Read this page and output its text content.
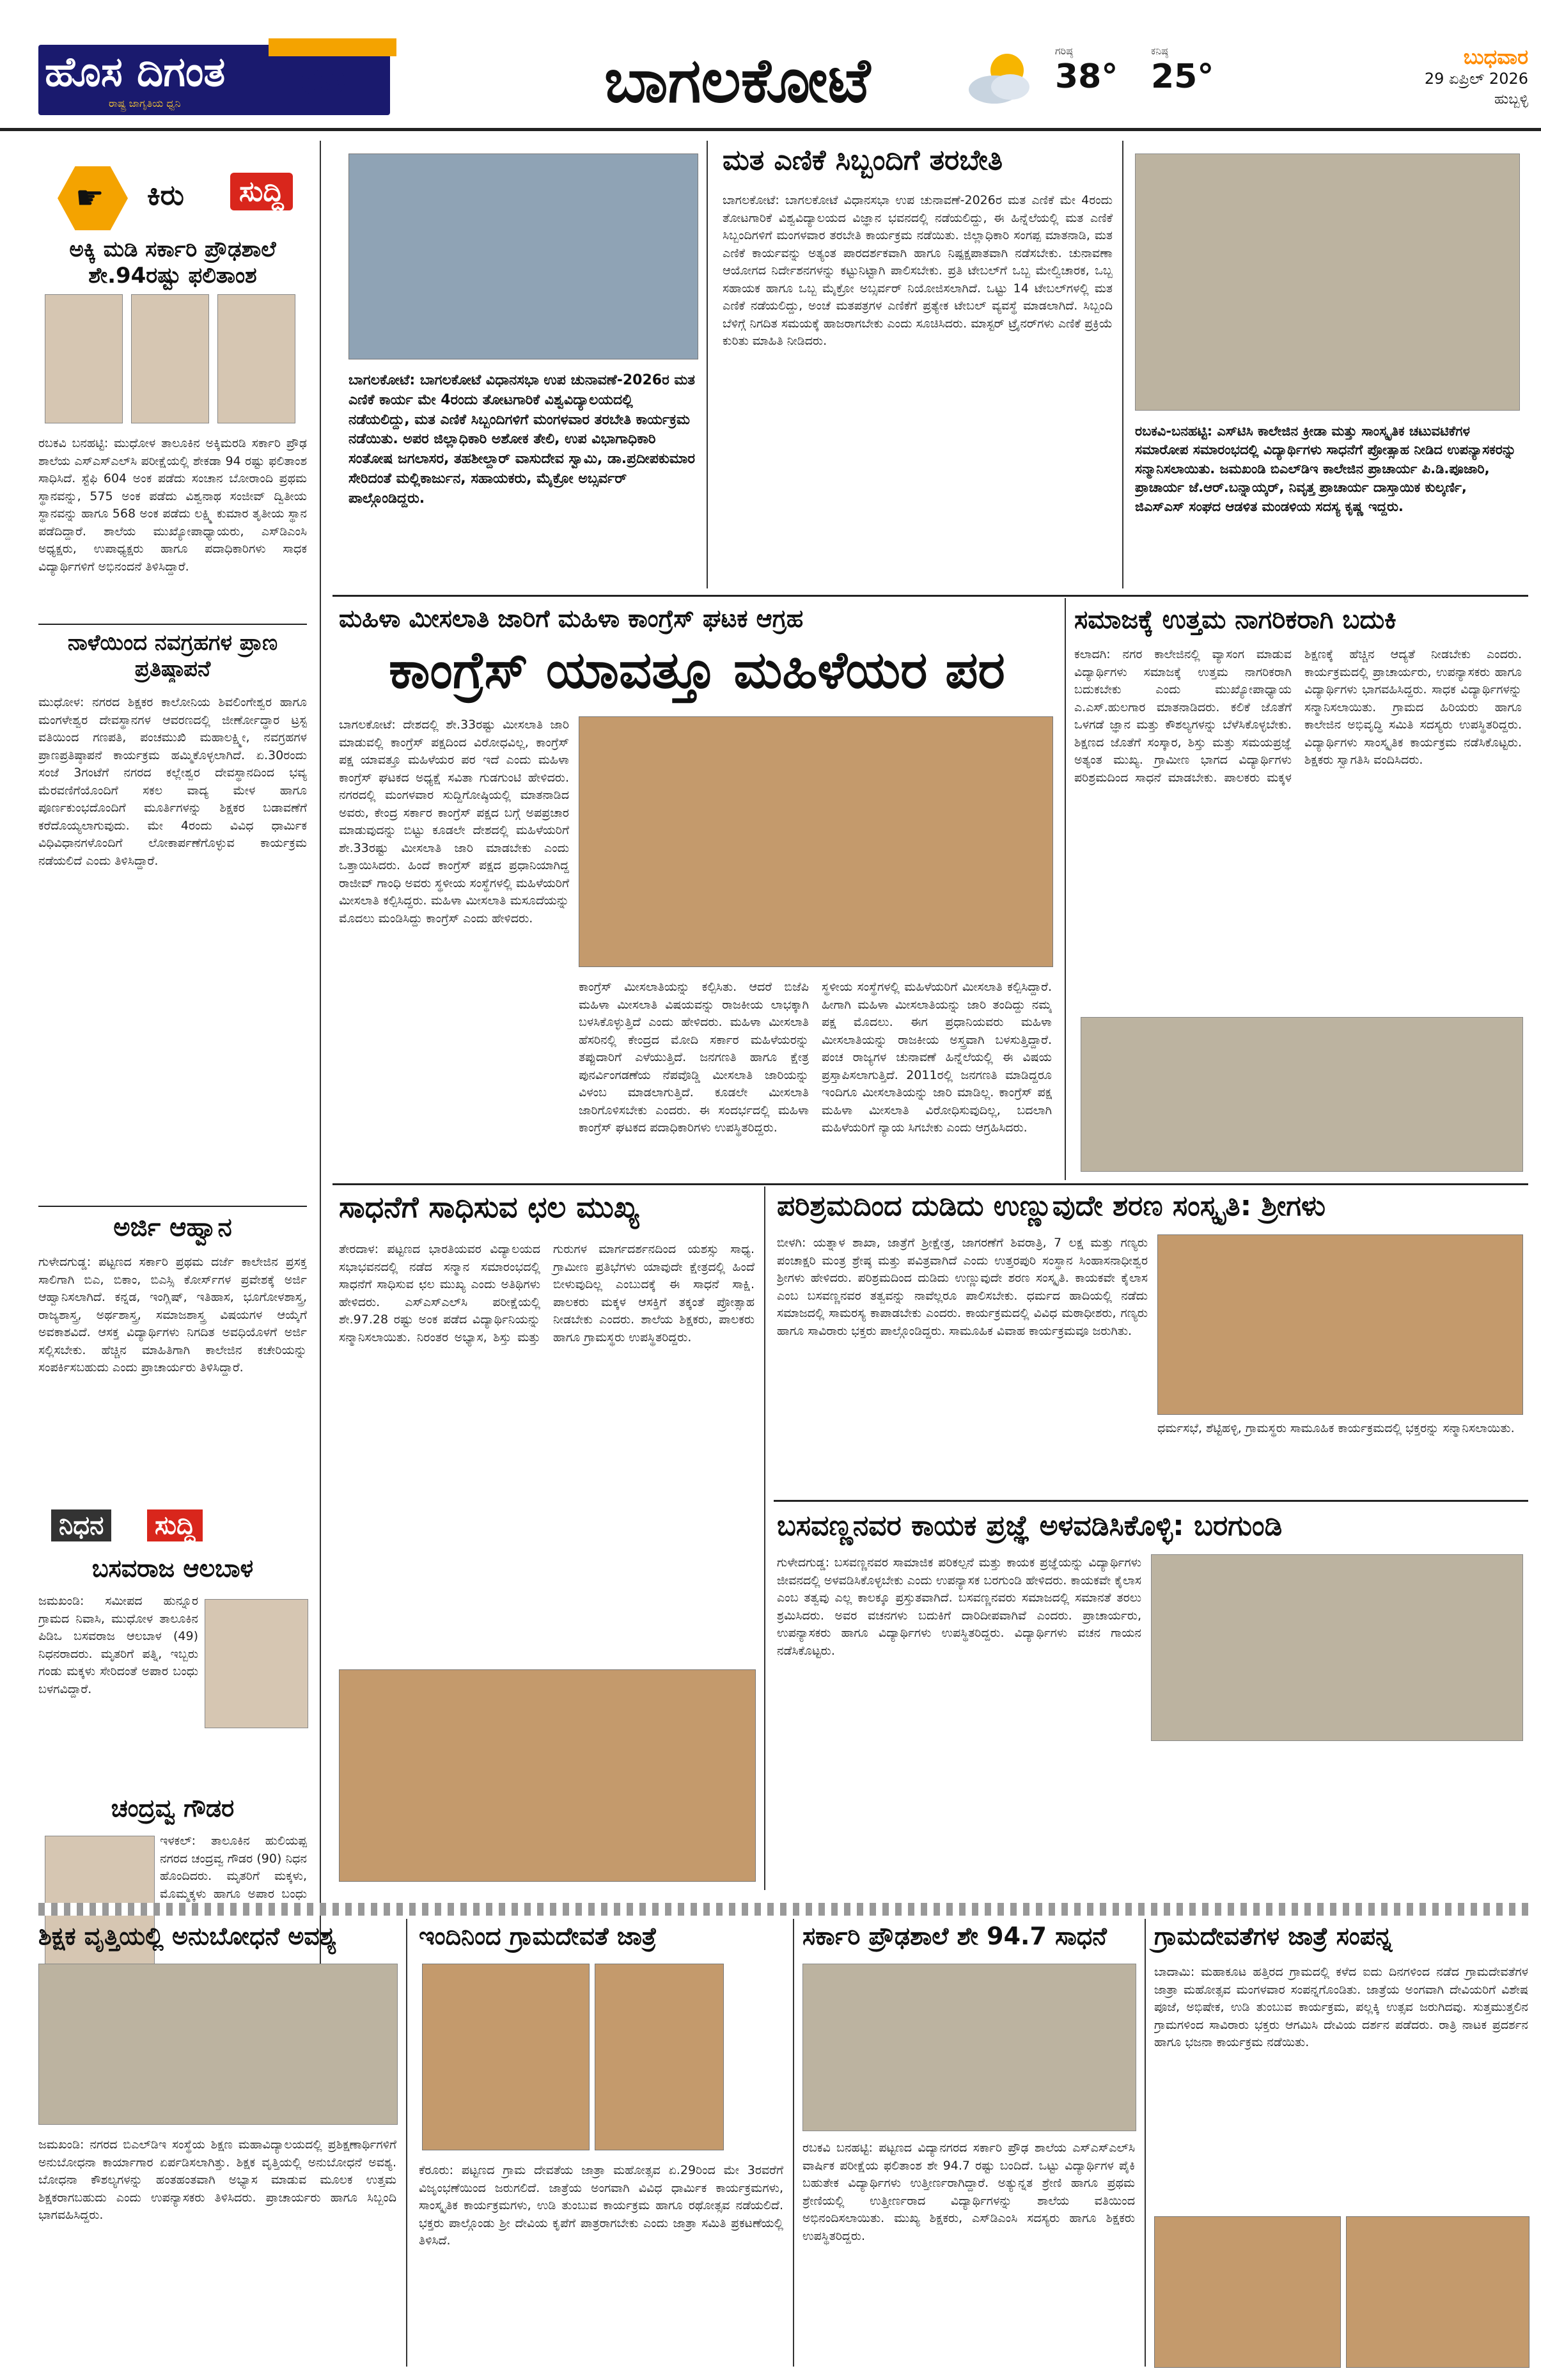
ಹೊಸ ದಿಗಂತ
ರಾಷ್ಟ್ರ ಜಾಗೃತಿಯ ಧ್ವನಿ
09	ಬಾಗಲಕೋಟೆ	ಗರಿಷ್ಠ
38°
ಕನಿಷ್ಠ
25°
ಬುಧವಾರ
29 ಏಪ್ರಿಲ್ 2026
ಹುಬ್ಬಳ್ಳಿ
☛ ಕಿರು	ಸುದ್ದಿ
ಅಕ್ಕಿ ಮಡಿ ಸರ್ಕಾರಿ ಪ್ರೌಢಶಾಲೆ ಶೇ.94ರಷ್ಟು ಫಲಿತಾಂಶ
ರಬಕವಿ ಬನಹಟ್ಟಿ: ಮುಧೋಳ ತಾಲೂಕಿನ ಅಕ್ಕಿಮರಡಿ ಸರ್ಕಾರಿ ಪ್ರೌಢ ಶಾಲೆಯ ಎಸ್‌ಎಸ್‌ಎಲ್‌ಸಿ ಪರೀಕ್ಷೆಯಲ್ಲಿ ಶೇಕಡಾ 94 ರಷ್ಟು ಫಲಿತಾಂಶ ಸಾಧಿಸಿದೆ. ಸ್ಟೆಫಿ 604 ಅಂಕ ಪಡೆದು ಸಂಚಾನ ಬೋರಾಂದಿ ಪ್ರಥಮ ಸ್ಥಾನವನ್ನು, 575 ಅಂಕ ಪಡೆದು ವಿಶ್ವನಾಥ ಸಂಜೀವ್ ದ್ವಿತೀಯ ಸ್ಥಾನವನ್ನು ಹಾಗೂ 568 ಅಂಕ ಪಡೆದು ಲಕ್ಷ್ಮಿ ಕುಮಾರ ತೃತೀಯ ಸ್ಥಾನ ಪಡೆದಿದ್ದಾರೆ. ಶಾಲೆಯ ಮುಖ್ಯೋಪಾಧ್ಯಾಯರು, ಎಸ್‌ಡಿಎಂಸಿ ಅಧ್ಯಕ್ಷರು, ಉಪಾಧ್ಯಕ್ಷರು ಹಾಗೂ ಪದಾಧಿಕಾರಿಗಳು ಸಾಧಕ ವಿದ್ಯಾರ್ಥಿಗಳಿಗೆ ಅಭಿನಂದನೆ ತಿಳಿಸಿದ್ದಾರೆ.
ನಾಳೆಯಿಂದ ನವಗ್ರಹಗಳ ಪ್ರಾಣ ಪ್ರತಿಷ್ಠಾಪನೆ
ಮುಧೋಳ: ನಗರದ ಶಿಕ್ಷಕರ ಕಾಲೋನಿಯ ಶಿವಲಿಂಗೇಶ್ವರ ಹಾಗೂ ಮಂಗಳೇಶ್ವರ ದೇವಸ್ಥಾನಗಳ ಆವರಣದಲ್ಲಿ ಜೀರ್ಣೋದ್ಧಾರ ಟ್ರಸ್ಟ ವತಿಯಿಂದ ಗಣಪತಿ, ಪಂಚಮುಖಿ ಮಹಾಲಕ್ಷ್ಮೀ, ನವಗ್ರಹಗಳ ಪ್ರಾಣಪ್ರತಿಷ್ಠಾಪನೆ ಕಾರ್ಯಕ್ರಮ ಹಮ್ಮಿಕೊಳ್ಳಲಾಗಿದೆ. ಏ.30ರಂದು ಸಂಜೆ 3ಗಂಟೆಗೆ ನಗರದ ಕಲ್ಲೇಶ್ವರ ದೇವಸ್ಥಾನದಿಂದ ಭವ್ಯ ಮೆರವಣಿಗೆಯೊಂದಿಗೆ ಸಕಲ ವಾದ್ಯ ಮೇಳ ಹಾಗೂ ಪೂರ್ಣಕುಂಭದೊಂದಿಗೆ ಮೂರ್ತಿಗಳನ್ನು ಶಿಕ್ಷಕರ ಬಡಾವಣೆಗೆ ಕರೆದೊಯ್ಯಲಾಗುವುದು. ಮೇ 4ರಂದು ವಿವಿಧ ಧಾರ್ಮಿಕ ವಿಧಿವಿಧಾನಗಳೊಂದಿಗೆ ಲೋಕಾರ್ಪಣೆಗೊಳ್ಳುವ ಕಾರ್ಯಕ್ರಮ ನಡೆಯಲಿದೆ ಎಂದು ತಿಳಿಸಿದ್ದಾರೆ.
ಅರ್ಜಿ ಆಹ್ವಾನ
ಗುಳೇದಗುಡ್ಡ: ಪಟ್ಟಣದ ಸರ್ಕಾರಿ ಪ್ರಥಮ ದರ್ಜೆ ಕಾಲೇಜಿನ ಪ್ರಸಕ್ತ ಸಾಲಿಗಾಗಿ ಬಿಎ, ಬಿಕಾಂ, ಬಿಎಸ್ಸಿ ಕೋರ್ಸ್‌ಗಳ ಪ್ರವೇಶಕ್ಕೆ ಅರ್ಜಿ ಆಹ್ವಾನಿಸಲಾಗಿದೆ. ಕನ್ನಡ, ಇಂಗ್ಲಿಷ್, ಇತಿಹಾಸ, ಭೂಗೋಳಶಾಸ್ತ್ರ, ರಾಜ್ಯಶಾಸ್ತ್ರ, ಅರ್ಥಶಾಸ್ತ್ರ, ಸಮಾಜಶಾಸ್ತ್ರ ವಿಷಯಗಳ ಆಯ್ಕೆಗೆ ಅವಕಾಶವಿದೆ. ಆಸಕ್ತ ವಿದ್ಯಾರ್ಥಿಗಳು ನಿಗದಿತ ಅವಧಿಯೊಳಗೆ ಅರ್ಜಿ ಸಲ್ಲಿಸಬೇಕು. ಹೆಚ್ಚಿನ ಮಾಹಿತಿಗಾಗಿ ಕಾಲೇಜಿನ ಕಚೇರಿಯನ್ನು ಸಂಪರ್ಕಿಸಬಹುದು ಎಂದು ಪ್ರಾಚಾರ್ಯರು ತಿಳಿಸಿದ್ದಾರೆ.
ನಿಧನ	ಸುದ್ದಿ
ಬಸವರಾಜ ಆಲಬಾಳ
ಜಮಖಂಡಿ: ಸಮೀಪದ ಹುನ್ನೂರ ಗ್ರಾಮದ ನಿವಾಸಿ, ಮುಧೋಳ ತಾಲೂಕಿನ ಪಿಡಿಒ ಬಸವರಾಜ ಆಲಬಾಳ (49) ನಿಧನರಾದರು. ಮೃತರಿಗೆ ಪತ್ನಿ, ಇಬ್ಬರು ಗಂಡು ಮಕ್ಕಳು ಸೇರಿದಂತೆ ಅಪಾರ ಬಂಧು ಬಳಗವಿದ್ದಾರೆ.
ಚಂದ್ರವ್ವ ಗೌಡರ
ಇಳಕಲ್: ತಾಲೂಕಿನ ಹುಲಿಯಪ್ಪ ನಗರದ ಚಂದ್ರವ್ವ ಗೌಡರ (90) ನಿಧನ ಹೊಂದಿದರು. ಮೃತರಿಗೆ ಮಕ್ಕಳು, ಮೊಮ್ಮಕ್ಕಳು ಹಾಗೂ ಅಪಾರ ಬಂಧು
ಬಾಗಲಕೋಟೆ: ಬಾಗಲಕೋಟೆ ವಿಧಾನಸಭಾ ಉಪ ಚುನಾವಣೆ-2026ರ ಮತ ಎಣಿಕೆ ಕಾರ್ಯ ಮೇ 4ರಂದು ತೋಟಗಾರಿಕೆ ವಿಶ್ವವಿದ್ಯಾಲಯದಲ್ಲಿ ನಡೆಯಲಿದ್ದು, ಮತ ಎಣಿಕೆ ಸಿಬ್ಬಂದಿಗಳಿಗೆ ಮಂಗಳವಾರ ತರಬೇತಿ ಕಾರ್ಯಕ್ರಮ ನಡೆಯಿತು. ಅಪರ ಜಿಲ್ಲಾಧಿಕಾರಿ ಅಶೋಕ ತೇಲಿ, ಉಪ ವಿಭಾಗಾಧಿಕಾರಿ ಸಂತೋಷ ಜಗಲಾಸರ, ತಹಶೀಲ್ದಾರ್ ವಾಸುದೇವ ಸ್ವಾಮಿ, ಡಾ.ಪ್ರದೀಪಕುಮಾರ ಸೇರಿದಂತೆ ಮಲ್ಲಿಕಾರ್ಜುನ, ಸಹಾಯಕರು, ಮೈಕ್ರೋ ಅಬ್ಸರ್ವರ್ ಪಾಲ್ಗೊಂಡಿದ್ದರು.
ಮತ ಎಣಿಕೆ ಸಿಬ್ಬಂದಿಗೆ ತರಬೇತಿ
ಬಾಗಲಕೋಟೆ: ಬಾಗಲಕೋಟೆ ವಿಧಾನಸಭಾ ಉಪ ಚುನಾವಣೆ-2026ರ ಮತ ಎಣಿಕೆ ಮೇ 4ರಂದು ತೋಟಗಾರಿಕೆ ವಿಶ್ವವಿದ್ಯಾಲಯದ ವಿಜ್ಞಾನ ಭವನದಲ್ಲಿ ನಡೆಯಲಿದ್ದು, ಈ ಹಿನ್ನೆಲೆಯಲ್ಲಿ ಮತ ಎಣಿಕೆ ಸಿಬ್ಬಂದಿಗಳಿಗೆ ಮಂಗಳವಾರ ತರಬೇತಿ ಕಾರ್ಯಕ್ರಮ ನಡೆಯಿತು. ಜಿಲ್ಲಾಧಿಕಾರಿ ಸಂಗಪ್ಪ ಮಾತನಾಡಿ, ಮತ ಎಣಿಕೆ ಕಾರ್ಯವನ್ನು ಅತ್ಯಂತ ಪಾರದರ್ಶಕವಾಗಿ ಹಾಗೂ ನಿಷ್ಪಕ್ಷಪಾತವಾಗಿ ನಡೆಸಬೇಕು. ಚುನಾವಣಾ ಆಯೋಗದ ನಿರ್ದೇಶನಗಳನ್ನು ಕಟ್ಟುನಿಟ್ಟಾಗಿ ಪಾಲಿಸಬೇಕು. ಪ್ರತಿ ಟೇಬಲ್‌ಗೆ ಒಬ್ಬ ಮೇಲ್ವಿಚಾರಕ, ಒಬ್ಬ ಸಹಾಯಕ ಹಾಗೂ ಒಬ್ಬ ಮೈಕ್ರೋ ಅಬ್ಸರ್ವರ್ ನಿಯೋಜಿಸಲಾಗಿದೆ. ಒಟ್ಟು 14 ಟೇಬಲ್‌ಗಳಲ್ಲಿ ಮತ ಎಣಿಕೆ ನಡೆಯಲಿದ್ದು, ಅಂಚೆ ಮತಪತ್ರಗಳ ಎಣಿಕೆಗೆ ಪ್ರತ್ಯೇಕ ಟೇಬಲ್ ವ್ಯವಸ್ಥೆ ಮಾಡಲಾಗಿದೆ. ಸಿಬ್ಬಂದಿ ಬೆಳಿಗ್ಗೆ ನಿಗದಿತ ಸಮಯಕ್ಕೆ ಹಾಜರಾಗಬೇಕು ಎಂದು ಸೂಚಿಸಿದರು. ಮಾಸ್ಟರ್ ಟ್ರೈನರ್‌ಗಳು ಎಣಿಕೆ ಪ್ರಕ್ರಿಯೆ ಕುರಿತು ಮಾಹಿತಿ ನೀಡಿದರು.
ರಬಕವಿ-ಬನಹಟ್ಟಿ: ಎಸ್‌ಟಿಸಿ ಕಾಲೇಜಿನ ಕ್ರೀಡಾ ಮತ್ತು ಸಾಂಸ್ಕೃತಿಕ ಚಟುವಟಿಕೆಗಳ ಸಮಾರೋಪ ಸಮಾರಂಭದಲ್ಲಿ ವಿದ್ಯಾರ್ಥಿಗಳು ಸಾಧನೆಗೆ ಪ್ರೋತ್ಸಾಹ ನೀಡಿದ ಉಪನ್ಯಾಸಕರನ್ನು ಸನ್ಮಾನಿಸಲಾಯಿತು. ಜಮಖಂಡಿ ಬಿಎಲ್‌ಡಿಇ ಕಾಲೇಜಿನ ಪ್ರಾಚಾರ್ಯ ಪಿ.ಡಿ.ಪೂಜಾರಿ, ಪ್ರಾಚಾರ್ಯ ಜೆ.ಆರ್.ಬನ್ನಾಯ್ಕರ್, ನಿವೃತ್ತ ಪ್ರಾಚಾರ್ಯ ದಾಸ್ತಾಯಿಕ ಕುಲ್ಕರ್ಣಿ, ಜಿಎಸ್‌ಎಸ್ ಸಂಘದ ಆಡಳಿತ ಮಂಡಳಿಯ ಸದಸ್ಯ ಕೃಷ್ಣ ಇದ್ದರು.
ಮಹಿಳಾ ಮೀಸಲಾತಿ ಜಾರಿಗೆ ಮಹಿಳಾ ಕಾಂಗ್ರೆಸ್ ಘಟಕ ಆಗ್ರಹ
ಕಾಂಗ್ರೆಸ್ ಯಾವತ್ತೂ ಮಹಿಳೆಯರ ಪರ
ಬಾಗಲಕೋಟೆ: ದೇಶದಲ್ಲಿ ಶೇ.33ರಷ್ಟು ಮೀಸಲಾತಿ ಜಾರಿ ಮಾಡುವಲ್ಲಿ ಕಾಂಗ್ರೆಸ್ ಪಕ್ಷದಿಂದ ವಿರೋಧವಿಲ್ಲ, ಕಾಂಗ್ರೆಸ್ ಪಕ್ಷ ಯಾವತ್ತೂ ಮಹಿಳೆಯರ ಪರ ಇದೆ ಎಂದು ಮಹಿಳಾ ಕಾಂಗ್ರೆಸ್ ಘಟಕದ ಅಧ್ಯಕ್ಷೆ ಸವಿತಾ ಗುಡಗುಂಟಿ ಹೇಳಿದರು. ನಗರದಲ್ಲಿ ಮಂಗಳವಾರ ಸುದ್ದಿಗೋಷ್ಠಿಯಲ್ಲಿ ಮಾತನಾಡಿದ ಅವರು, ಕೇಂದ್ರ ಸರ್ಕಾರ ಕಾಂಗ್ರೆಸ್ ಪಕ್ಷದ ಬಗ್ಗೆ ಅಪಪ್ರಚಾರ ಮಾಡುವುದನ್ನು ಬಿಟ್ಟು ಕೂಡಲೇ ದೇಶದಲ್ಲಿ ಮಹಿಳೆಯರಿಗೆ ಶೇ.33ರಷ್ಟು ಮೀಸಲಾತಿ ಜಾರಿ ಮಾಡಬೇಕು ಎಂದು ಒತ್ತಾಯಿಸಿದರು. ಹಿಂದೆ ಕಾಂಗ್ರೆಸ್ ಪಕ್ಷದ ಪ್ರಧಾನಿಯಾಗಿದ್ದ ರಾಜೀವ್ ಗಾಂಧಿ ಅವರು ಸ್ಥಳೀಯ ಸಂಸ್ಥೆಗಳಲ್ಲಿ ಮಹಿಳೆಯರಿಗೆ ಮೀಸಲಾತಿ ಕಲ್ಪಿಸಿದ್ದರು. ಮಹಿಳಾ ಮೀಸಲಾತಿ ಮಸೂದೆಯನ್ನು ಮೊದಲು ಮಂಡಿಸಿದ್ದು ಕಾಂಗ್ರೆಸ್ ಎಂದು ಹೇಳಿದರು.
ಕಾಂಗ್ರೆಸ್ ಮೀಸಲಾತಿಯನ್ನು ಕಲ್ಪಿಸಿತು. ಆದರೆ ಬಿಜೆಪಿ ಮಹಿಳಾ ಮೀಸಲಾತಿ ವಿಷಯವನ್ನು ರಾಜಕೀಯ ಲಾಭಕ್ಕಾಗಿ ಬಳಸಿಕೊಳ್ಳುತ್ತಿದೆ ಎಂದು ಹೇಳಿದರು. ಮಹಿಳಾ ಮೀಸಲಾತಿ ಹೆಸರಿನಲ್ಲಿ ಕೇಂದ್ರದ ಮೋದಿ ಸರ್ಕಾರ ಮಹಿಳೆಯರನ್ನು ತಪ್ಪುದಾರಿಗೆ ಎಳೆಯುತ್ತಿದೆ. ಜನಗಣತಿ ಹಾಗೂ ಕ್ಷೇತ್ರ ಪುನರ್ವಿಂಗಡಣೆಯ ನೆಪವೊಡ್ಡಿ ಮೀಸಲಾತಿ ಜಾರಿಯನ್ನು ವಿಳಂಬ ಮಾಡಲಾಗುತ್ತಿದೆ. ಕೂಡಲೇ ಮೀಸಲಾತಿ ಜಾರಿಗೊಳಿಸಬೇಕು ಎಂದರು. ಈ ಸಂದರ್ಭದಲ್ಲಿ ಮಹಿಳಾ ಕಾಂಗ್ರೆಸ್ ಘಟಕದ ಪದಾಧಿಕಾರಿಗಳು ಉಪಸ್ಥಿತರಿದ್ದರು.
ಸ್ಥಳೀಯ ಸಂಸ್ಥೆಗಳಲ್ಲಿ ಮಹಿಳೆಯರಿಗೆ ಮೀಸಲಾತಿ ಕಲ್ಪಿಸಿದ್ದಾರೆ. ಹೀಗಾಗಿ ಮಹಿಳಾ ಮೀಸಲಾತಿಯನ್ನು ಜಾರಿ ತಂದಿದ್ದು ನಮ್ಮ ಪಕ್ಷ ಮೊದಲು. ಈಗ ಪ್ರಧಾನಿಯವರು ಮಹಿಳಾ ಮೀಸಲಾತಿಯನ್ನು ರಾಜಕೀಯ ಅಸ್ತ್ರವಾಗಿ ಬಳಸುತ್ತಿದ್ದಾರೆ. ಪಂಚ ರಾಜ್ಯಗಳ ಚುನಾವಣೆ ಹಿನ್ನೆಲೆಯಲ್ಲಿ ಈ ವಿಷಯ ಪ್ರಸ್ತಾಪಿಸಲಾಗುತ್ತಿದೆ. 2011ರಲ್ಲಿ ಜನಗಣತಿ ಮಾಡಿದ್ದರೂ ಇಂದಿಗೂ ಮೀಸಲಾತಿಯನ್ನು ಜಾರಿ ಮಾಡಿಲ್ಲ. ಕಾಂಗ್ರೆಸ್ ಪಕ್ಷ ಮಹಿಳಾ ಮೀಸಲಾತಿ ವಿರೋಧಿಸುವುದಿಲ್ಲ, ಬದಲಾಗಿ ಮಹಿಳೆಯರಿಗೆ ನ್ಯಾಯ ಸಿಗಬೇಕು ಎಂದು ಆಗ್ರಹಿಸಿದರು.
ಸಮಾಜಕ್ಕೆ ಉತ್ತಮ ನಾಗರಿಕರಾಗಿ ಬದುಕಿ
ಕಲಾದಗಿ: ನಗರ ಕಾಲೇಜಿನಲ್ಲಿ ವ್ಯಾಸಂಗ ಮಾಡುವ ವಿದ್ಯಾರ್ಥಿಗಳು ಸಮಾಜಕ್ಕೆ ಉತ್ತಮ ನಾಗರಿಕರಾಗಿ ಬದುಕಬೇಕು ಎಂದು ಮುಖ್ಯೋಪಾಧ್ಯಾಯ ಎ.ಎಸ್.ಹುಲಗಾರ ಮಾತನಾಡಿದರು. ಕಲಿಕೆ ಜೊತೆಗೆ ಒಳಗಡೆ ಜ್ಞಾನ ಮತ್ತು ಕೌಶಲ್ಯಗಳನ್ನು ಬೆಳೆಸಿಕೊಳ್ಳಬೇಕು. ಶಿಕ್ಷಣದ ಜೊತೆಗೆ ಸಂಸ್ಕಾರ, ಶಿಸ್ತು ಮತ್ತು ಸಮಯಪ್ರಜ್ಞೆ ಅತ್ಯಂತ ಮುಖ್ಯ. ಗ್ರಾಮೀಣ ಭಾಗದ ವಿದ್ಯಾರ್ಥಿಗಳು ಪರಿಶ್ರಮದಿಂದ ಸಾಧನೆ ಮಾಡಬೇಕು. ಪಾಲಕರು ಮಕ್ಕಳ ಶಿಕ್ಷಣಕ್ಕೆ ಹೆಚ್ಚಿನ ಆದ್ಯತೆ ನೀಡಬೇಕು ಎಂದರು. ಕಾರ್ಯಕ್ರಮದಲ್ಲಿ ಪ್ರಾಚಾರ್ಯರು, ಉಪನ್ಯಾಸಕರು ಹಾಗೂ ವಿದ್ಯಾರ್ಥಿಗಳು ಭಾಗವಹಿಸಿದ್ದರು. ಸಾಧಕ ವಿದ್ಯಾರ್ಥಿಗಳನ್ನು ಸನ್ಮಾನಿಸಲಾಯಿತು. ಗ್ರಾಮದ ಹಿರಿಯರು ಹಾಗೂ ಕಾಲೇಜಿನ ಅಭಿವೃದ್ಧಿ ಸಮಿತಿ ಸದಸ್ಯರು ಉಪಸ್ಥಿತರಿದ್ದರು. ವಿದ್ಯಾರ್ಥಿಗಳು ಸಾಂಸ್ಕೃತಿಕ ಕಾರ್ಯಕ್ರಮ ನಡೆಸಿಕೊಟ್ಟರು. ಶಿಕ್ಷಕರು ಸ್ವಾಗತಿಸಿ ವಂದಿಸಿದರು.
ಸಾಧನೆಗೆ ಸಾಧಿಸುವ ಛಲ ಮುಖ್ಯ
ತೇರದಾಳ: ಪಟ್ಟಣದ ಭಾರತಿಯವರ ವಿದ್ಯಾಲಯದ ಸಭಾಭವನದಲ್ಲಿ ನಡೆದ ಸನ್ಮಾನ ಸಮಾರಂಭದಲ್ಲಿ ಸಾಧನೆಗೆ ಸಾಧಿಸುವ ಛಲ ಮುಖ್ಯ ಎಂದು ಅತಿಥಿಗಳು ಹೇಳಿದರು. ಎಸ್‌ಎಸ್‌ಎಲ್‌ಸಿ ಪರೀಕ್ಷೆಯಲ್ಲಿ ಶೇ.97.28 ರಷ್ಟು ಅಂಕ ಪಡೆದ ವಿದ್ಯಾರ್ಥಿನಿಯನ್ನು ಸನ್ಮಾನಿಸಲಾಯಿತು. ನಿರಂತರ ಅಭ್ಯಾಸ, ಶಿಸ್ತು ಮತ್ತು ಗುರುಗಳ ಮಾರ್ಗದರ್ಶನದಿಂದ ಯಶಸ್ಸು ಸಾಧ್ಯ. ಗ್ರಾಮೀಣ ಪ್ರತಿಭೆಗಳು ಯಾವುದೇ ಕ್ಷೇತ್ರದಲ್ಲಿ ಹಿಂದೆ ಬೀಳುವುದಿಲ್ಲ ಎಂಬುದಕ್ಕೆ ಈ ಸಾಧನೆ ಸಾಕ್ಷಿ. ಪಾಲಕರು ಮಕ್ಕಳ ಆಸಕ್ತಿಗೆ ತಕ್ಕಂತೆ ಪ್ರೋತ್ಸಾಹ ನೀಡಬೇಕು ಎಂದರು. ಶಾಲೆಯ ಶಿಕ್ಷಕರು, ಪಾಲಕರು ಹಾಗೂ ಗ್ರಾಮಸ್ಥರು ಉಪಸ್ಥಿತರಿದ್ದರು.
ಪರಿಶ್ರಮದಿಂದ ದುಡಿದು ಉಣ್ಣುವುದೇ ಶರಣ ಸಂಸ್ಕೃತಿ: ಶ್ರೀಗಳು
ಬೀಳಗಿ: ಯತ್ನಾಳ ಶಾಖಾ, ಜಾತ್ರೆಗೆ ಶ್ರೀಕ್ಷೇತ್ರ, ಜಾಗರಣೆಗೆ ಶಿವರಾತ್ರಿ, 7 ಲಕ್ಷ ಮತ್ತು ಗಣ್ಯರು ಪಂಚಾಕ್ಷರಿ ಮಂತ್ರ ಶ್ರೇಷ್ಠ ಮತ್ತು ಪವಿತ್ರವಾಗಿದೆ ಎಂದು ಉತ್ತರಪುರಿ ಸಂಸ್ಥಾನ ಸಿಂಹಾಸನಾಧೀಶ್ವರ ಶ್ರೀಗಳು ಹೇಳಿದರು. ಪರಿಶ್ರಮದಿಂದ ದುಡಿದು ಉಣ್ಣುವುದೇ ಶರಣ ಸಂಸ್ಕೃತಿ. ಕಾಯಕವೇ ಕೈಲಾಸ ಎಂಬ ಬಸವಣ್ಣನವರ ತತ್ವವನ್ನು ನಾವೆಲ್ಲರೂ ಪಾಲಿಸಬೇಕು. ಧರ್ಮದ ಹಾದಿಯಲ್ಲಿ ನಡೆದು ಸಮಾಜದಲ್ಲಿ ಸಾಮರಸ್ಯ ಕಾಪಾಡಬೇಕು ಎಂದರು. ಕಾರ್ಯಕ್ರಮದಲ್ಲಿ ವಿವಿಧ ಮಠಾಧೀಶರು, ಗಣ್ಯರು ಹಾಗೂ ಸಾವಿರಾರು ಭಕ್ತರು ಪಾಲ್ಗೊಂಡಿದ್ದರು. ಸಾಮೂಹಿಕ ವಿವಾಹ ಕಾರ್ಯಕ್ರಮವೂ ಜರುಗಿತು.
ಧರ್ಮಸಭೆ, ಶೆಟ್ಟಿಹಳ್ಳಿ, ಗ್ರಾಮಸ್ಥರು ಸಾಮೂಹಿಕ ಕಾರ್ಯಕ್ರಮದಲ್ಲಿ ಭಕ್ತರನ್ನು ಸನ್ಮಾನಿಸಲಾಯಿತು.
ಬಸವಣ್ಣನವರ ಕಾಯಕ ಪ್ರಜ್ಞೆ ಅಳವಡಿಸಿಕೊಳ್ಳಿ: ಬರಗುಂಡಿ
ಗುಳೇದಗುಡ್ಡ: ಬಸವಣ್ಣನವರ ಸಾಮಾಜಿಕ ಪರಿಕಲ್ಪನೆ ಮತ್ತು ಕಾಯಕ ಪ್ರಜ್ಞೆಯನ್ನು ವಿದ್ಯಾರ್ಥಿಗಳು ಜೀವನದಲ್ಲಿ ಅಳವಡಿಸಿಕೊಳ್ಳಬೇಕು ಎಂದು ಉಪನ್ಯಾಸಕ ಬರಗುಂಡಿ ಹೇಳಿದರು. ಕಾಯಕವೇ ಕೈಲಾಸ ಎಂಬ ತತ್ವವು ಎಲ್ಲ ಕಾಲಕ್ಕೂ ಪ್ರಸ್ತುತವಾಗಿದೆ. ಬಸವಣ್ಣನವರು ಸಮಾಜದಲ್ಲಿ ಸಮಾನತೆ ತರಲು ಶ್ರಮಿಸಿದರು. ಅವರ ವಚನಗಳು ಬದುಕಿಗೆ ದಾರಿದೀಪವಾಗಿವೆ ಎಂದರು. ಪ್ರಾಚಾರ್ಯರು, ಉಪನ್ಯಾಸಕರು ಹಾಗೂ ವಿದ್ಯಾರ್ಥಿಗಳು ಉಪಸ್ಥಿತರಿದ್ದರು. ವಿದ್ಯಾರ್ಥಿಗಳು ವಚನ ಗಾಯನ ನಡೆಸಿಕೊಟ್ಟರು.
ಶಿಕ್ಷಕ ವೃತ್ತಿಯಲ್ಲಿ ಅನುಬೋಧನೆ ಅವಶ್ಯ
ಜಮಖಂಡಿ: ನಗರದ ಬಿಎಲ್‌ಡಿಇ ಸಂಸ್ಥೆಯ ಶಿಕ್ಷಣ ಮಹಾವಿದ್ಯಾಲಯದಲ್ಲಿ ಪ್ರಶಿಕ್ಷಣಾರ್ಥಿಗಳಿಗೆ ಅನುಬೋಧನಾ ಕಾರ್ಯಾಗಾರ ಏರ್ಪಡಿಸಲಾಗಿತ್ತು. ಶಿಕ್ಷಕ ವೃತ್ತಿಯಲ್ಲಿ ಅನುಬೋಧನೆ ಅವಶ್ಯ. ಬೋಧನಾ ಕೌಶಲ್ಯಗಳನ್ನು ಹಂತಹಂತವಾಗಿ ಅಭ್ಯಾಸ ಮಾಡುವ ಮೂಲಕ ಉತ್ತಮ ಶಿಕ್ಷಕರಾಗಬಹುದು ಎಂದು ಉಪನ್ಯಾಸಕರು ತಿಳಿಸಿದರು. ಪ್ರಾಚಾರ್ಯರು ಹಾಗೂ ಸಿಬ್ಬಂದಿ ಭಾಗವಹಿಸಿದ್ದರು.
ಇಂದಿನಿಂದ ಗ್ರಾಮದೇವತೆ ಜಾತ್ರೆ
ಕೆರೂರು: ಪಟ್ಟಣದ ಗ್ರಾಮ ದೇವತೆಯ ಜಾತ್ರಾ ಮಹೋತ್ಸವ ಏ.29ರಿಂದ ಮೇ 3ರವರೆಗೆ ವಿಜೃಂಭಣೆಯಿಂದ ಜರುಗಲಿದೆ. ಜಾತ್ರೆಯ ಅಂಗವಾಗಿ ವಿವಿಧ ಧಾರ್ಮಿಕ ಕಾರ್ಯಕ್ರಮಗಳು, ಸಾಂಸ್ಕೃತಿಕ ಕಾರ್ಯಕ್ರಮಗಳು, ಉಡಿ ತುಂಬುವ ಕಾರ್ಯಕ್ರಮ ಹಾಗೂ ರಥೋತ್ಸವ ನಡೆಯಲಿದೆ. ಭಕ್ತರು ಪಾಲ್ಗೊಂಡು ಶ್ರೀ ದೇವಿಯ ಕೃಪೆಗೆ ಪಾತ್ರರಾಗಬೇಕು ಎಂದು ಜಾತ್ರಾ ಸಮಿತಿ ಪ್ರಕಟಣೆಯಲ್ಲಿ ತಿಳಿಸಿದೆ.
ಸರ್ಕಾರಿ ಪ್ರೌಢಶಾಲೆ ಶೇ 94.7 ಸಾಧನೆ
ರಬಕವಿ ಬನಹಟ್ಟಿ: ಪಟ್ಟಣದ ವಿದ್ಯಾನಗರದ ಸರ್ಕಾರಿ ಪ್ರೌಢ ಶಾಲೆಯ ಎಸ್‌ಎಸ್‌ಎಲ್‌ಸಿ ವಾರ್ಷಿಕ ಪರೀಕ್ಷೆಯ ಫಲಿತಾಂಶ ಶೇ 94.7 ರಷ್ಟು ಬಂದಿದೆ. ಒಟ್ಟು ವಿದ್ಯಾರ್ಥಿಗಳ ಪೈಕಿ ಬಹುತೇಕ ವಿದ್ಯಾರ್ಥಿಗಳು ಉತ್ತೀರ್ಣರಾಗಿದ್ದಾರೆ. ಅತ್ಯುನ್ನತ ಶ್ರೇಣಿ ಹಾಗೂ ಪ್ರಥಮ ಶ್ರೇಣಿಯಲ್ಲಿ ಉತ್ತೀರ್ಣರಾದ ವಿದ್ಯಾರ್ಥಿಗಳನ್ನು ಶಾಲೆಯ ವತಿಯಿಂದ ಅಭಿನಂದಿಸಲಾಯಿತು. ಮುಖ್ಯ ಶಿಕ್ಷಕರು, ಎಸ್‌ಡಿಎಂಸಿ ಸದಸ್ಯರು ಹಾಗೂ ಶಿಕ್ಷಕರು ಉಪಸ್ಥಿತರಿದ್ದರು.
ಗ್ರಾಮದೇವತೆಗಳ ಜಾತ್ರೆ ಸಂಪನ್ನ
ಬಾದಾಮಿ: ಮಹಾಕೂಟ ಹತ್ತಿರದ ಗ್ರಾಮದಲ್ಲಿ ಕಳೆದ ಐದು ದಿನಗಳಿಂದ ನಡೆದ ಗ್ರಾಮದೇವತೆಗಳ ಜಾತ್ರಾ ಮಹೋತ್ಸವ ಮಂಗಳವಾರ ಸಂಪನ್ನಗೊಂಡಿತು. ಜಾತ್ರೆಯ ಅಂಗವಾಗಿ ದೇವಿಯರಿಗೆ ವಿಶೇಷ ಪೂಜೆ, ಅಭಿಷೇಕ, ಉಡಿ ತುಂಬುವ ಕಾರ್ಯಕ್ರಮ, ಪಲ್ಲಕ್ಕಿ ಉತ್ಸವ ಜರುಗಿದವು. ಸುತ್ತಮುತ್ತಲಿನ ಗ್ರಾಮಗಳಿಂದ ಸಾವಿರಾರು ಭಕ್ತರು ಆಗಮಿಸಿ ದೇವಿಯ ದರ್ಶನ ಪಡೆದರು. ರಾತ್ರಿ ನಾಟಕ ಪ್ರದರ್ಶನ ಹಾಗೂ ಭಜನಾ ಕಾರ್ಯಕ್ರಮ ನಡೆಯಿತು.
